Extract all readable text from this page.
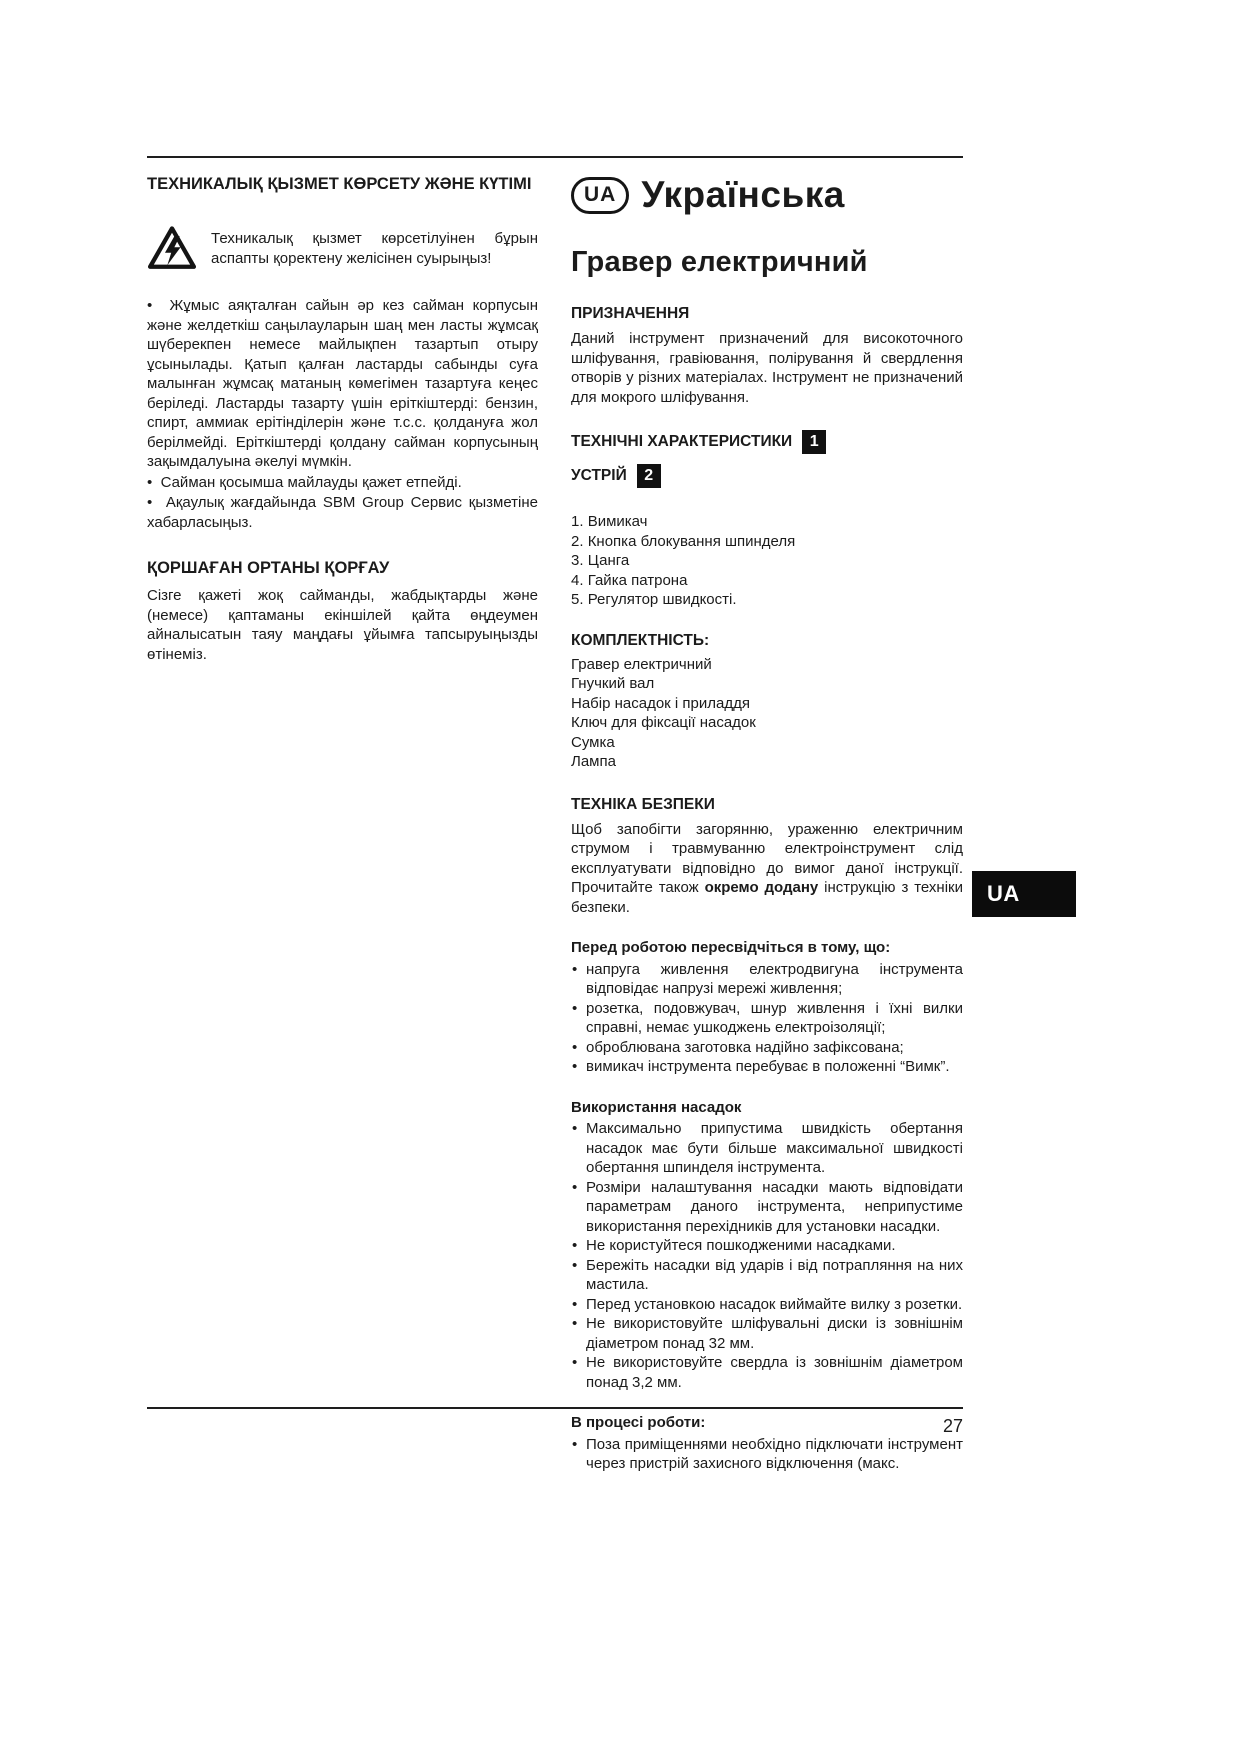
ТЕХНИКАЛЫҚ ҚЫЗМЕТ КӨРСЕТУ ЖӘНЕ КҮТІМІ

Техникалық қызмет көрсетілуінен бұрын аспапты қоректену желісінен суырыңыз!

•  Жұмыс аяқталған сайын әр кез сайман корпусын және желдеткіш саңылауларын шаң мен ласты жұмсақ шүберекпен немесе майлықпен тазартып отыру ұсынылады. Қатып қалған ластарды сабынды суға малынған жұмсақ матаның көмегімен тазартуға кеңес беріледі. Ластарды тазарту үшін еріткіштерді: бензин, спирт, аммиак ерітінділерін және т.с.с. қолдануға жол берілмейді. Еріткіштерді қолдану сайман корпусының зақымдалуына әкелуі мүмкін.

•  Сайман қосымша майлауды қажет етпейді.

•  Ақаулық жағдайында SBM Group Сервис қызметіне хабарласыңыз.

ҚОРШАҒАН ОРТАНЫ ҚОРҒАУ

Сізге қажеті жоқ сайманды, жабдықтарды және (немесе) қаптаманы екіншілей қайта өңдеумен айналысатын таяу маңдағы ұйымға тапсыруыңызды өтінеміз.

UA Українська
Гравер електричний
ПРИЗНАЧЕННЯ

Даний інструмент призначений для високоточного шліфування, гравіювання, полірування й свердлення отворів у різних матеріалах. Інструмент не призначений для мокрого шліфування.

ТЕХНІЧНІ ХАРАКТЕРИСТИКИ	1
УСТРІЙ	2
1. Вимикач
2. Кнопка блокування шпинделя
3. Цанга
4. Гайка патрона
5. Регулятор швидкості.
КОМПЛЕКТНІСТЬ:
Гравер електричний
Гнучкий вал
Набір насадок і приладдя
Ключ для фіксації насадок
Сумка
Лампа
ТЕХНІКА БЕЗПЕКИ

Щоб запобігти загорянню, ураженню електричним струмом і травмуванню електроінструмент слід експлуатувати відповідно до вимог даної інструкції. Прочитайте також окремо додану інструкцію з техніки безпеки.

Перед роботою пересвідчіться в тому, що:

• напруга живлення електродвигуна інструмента відповідає напрузі мережі живлення;

• розетка, подовжувач, шнур живлення і їхні вилки справні, немає ушкоджень електроізоляції;

• оброблювана заготовка надійно зафіксована;

• вимикач інструмента перебуває в положенні “Вимк”.

Використання насадок

• Максимально припустима швидкість обертання насадок має бути більше максимальної швидкості обертання шпинделя інструмента.

• Розміри налаштування насадки мають відповідати параметрам даного інструмента, неприпустиме використання перехідників для установки насадки.

• Не користуйтеся пошкодженими насадками.

• Бережіть насадки від ударів і від потрапляння на них мастила.

• Перед установкою насадок виймайте вилку з розетки.

• Не використовуйте шліфувальні диски із зовнішнім діаметром понад 32 мм.

• Не використовуйте свердла із зовнішнім діаметром понад 3,2 мм.

В процесі роботи:

• Поза приміщеннями необхідно підключати інструмент через пристрій захисного відключення (макс.

UA
27
